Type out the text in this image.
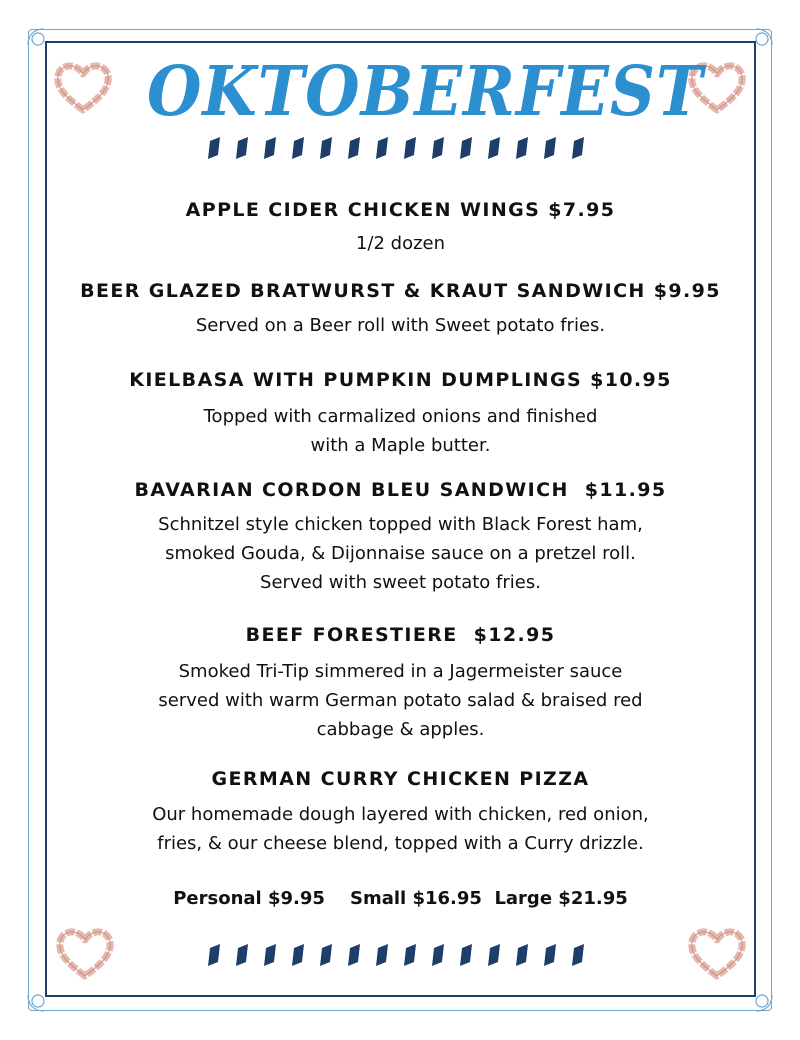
OKTOBERFEST
APPLE CIDER CHICKEN WINGS $7.95
1/2 dozen
BEER GLAZED BRATWURST & KRAUT SANDWICH $9.95
Served on a Beer roll with Sweet potato fries.
KIELBASA WITH PUMPKIN DUMPLINGS $10.95
Topped with carmalized onions and finished
with a Maple butter.
BAVARIAN CORDON BLEU SANDWICH  $11.95
Schnitzel style chicken topped with Black Forest ham,
smoked Gouda, & Dijonnaise sauce on a pretzel roll.
Served with sweet potato fries.
BEEF FORESTIERE  $12.95
Smoked Tri-Tip simmered in a Jagermeister sauce
served with warm German potato salad & braised red
cabbage & apples.
GERMAN CURRY CHICKEN PIZZA
Our homemade dough layered with chicken, red onion,
fries, & our cheese blend, topped with a Curry drizzle.
Personal $9.95    Small $16.95  Large $21.95
